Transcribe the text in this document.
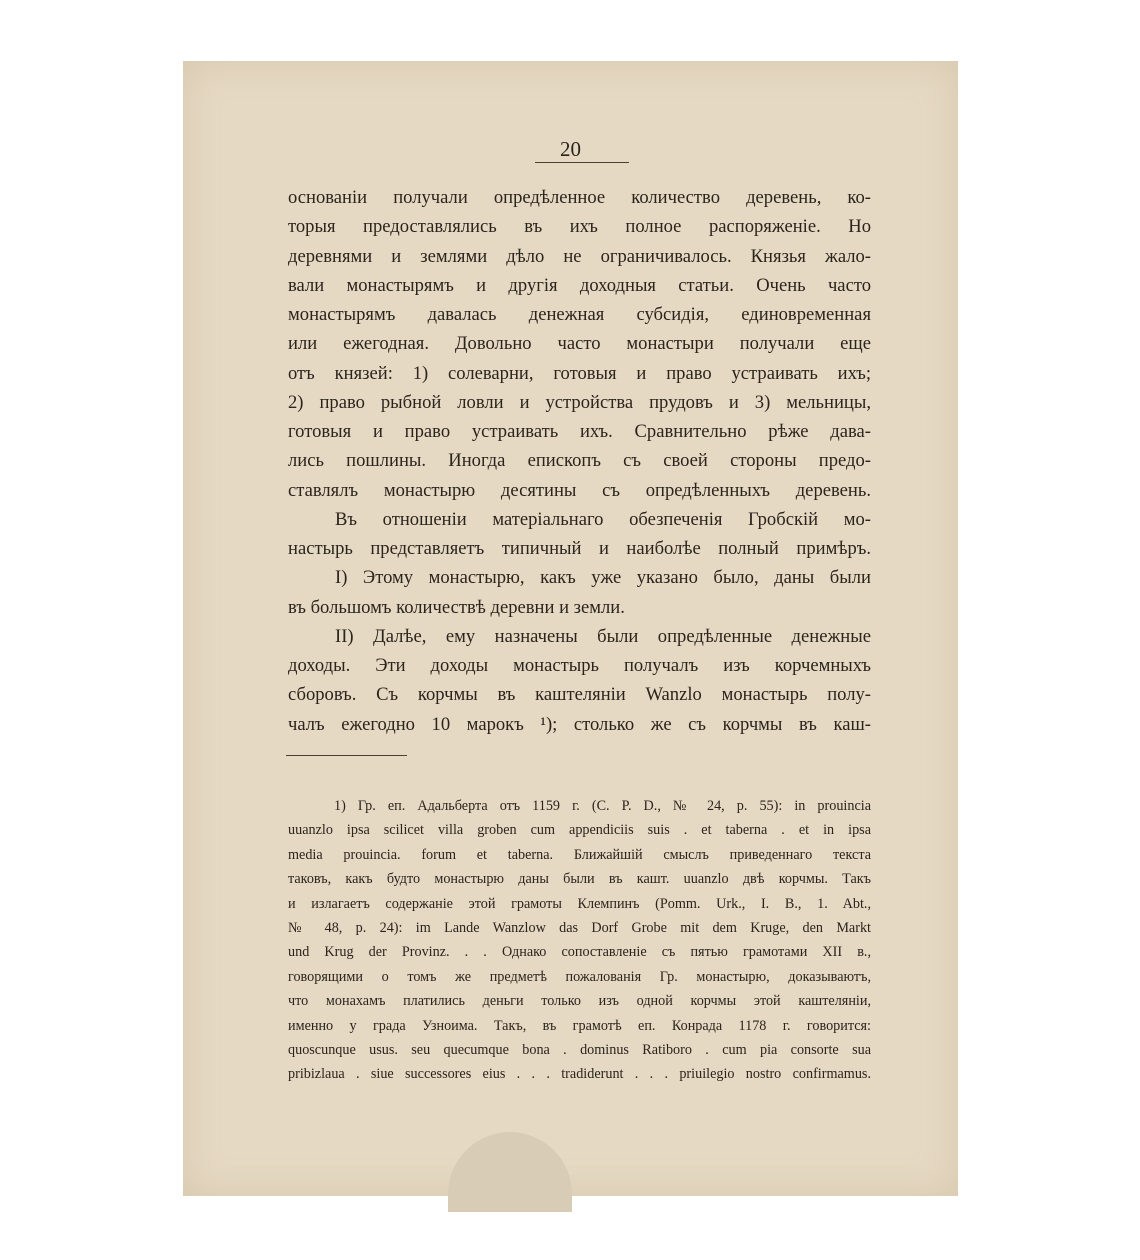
20
основаніи получали опредѣленное количество деревень, ко-
торыя предоставлялись въ ихъ полное распоряженіе. Но
деревнями и землями дѣло не ограничивалось. Князья жало-
вали монастырямъ и другія доходныя статьи. Очень часто
монастырямъ давалась денежная субсидія, единовременная
или ежегодная. Довольно часто монастыри получали еще
отъ князей: 1) солеварни, готовыя и право устраивать ихъ;
2) право рыбной ловли и устройства прудовъ и 3) мельницы,
готовыя и право устраивать ихъ. Сравнительно рѣже дава-
лись пошлины. Иногда епископъ съ своей стороны предо-
ставлялъ монастырю десятины съ опредѣленныхъ деревень.
Въ отношеніи матеріальнаго обезпеченія Гробскій мо-
настырь представляетъ типичный и наиболѣе полный примѣръ.
I) Этому монастырю, какъ уже указано было, даны были
въ большомъ количествѣ деревни и земли.
II) Далѣе, ему назначены были опредѣленные денежные
доходы. Эти доходы монастырь получалъ изъ корчемныхъ
сборовъ. Съ корчмы въ каштеляніи Wanzlo монастырь полу-
чалъ ежегодно 10 марокъ ¹); столько же съ корчмы въ каш-
1) Гр. еп. Адальберта отъ 1159 г. (C. P. D., № 24, p. 55): in prouincia
uuanzlo ipsa scilicet villa groben cum appendiciis suis . et taberna . et in ipsa
media prouincia. forum et taberna. Ближайшій смыслъ приведеннаго текста
таковъ, какъ будто монастырю даны были въ кашт. uuanzlo двѣ корчмы. Такъ
и излагаетъ содержаніе этой грамоты Клемпинъ (Pomm. Urk., I. B., 1. Abt.,
№ 48, p. 24): im Lande Wanzlow das Dorf Grobe mit dem Kruge, den Markt
und Krug der Provinz. . . Однако сопоставленіе съ пятью грамотами XII в.,
говорящими о томъ же предметѣ пожалованія Гр. монастырю, доказываютъ,
что монахамъ платились деньги только изъ одной корчмы этой каштеляніи,
именно у града Узноима. Такъ, въ грамотѣ еп. Конрада 1178 г. говорится:
quoscunque usus. seu quecumque bona . dominus Ratiboro . cum pia consorte sua
pribizlaua . siue successores eius . . . tradiderunt . . . priuilegio nostro confirmamus.
